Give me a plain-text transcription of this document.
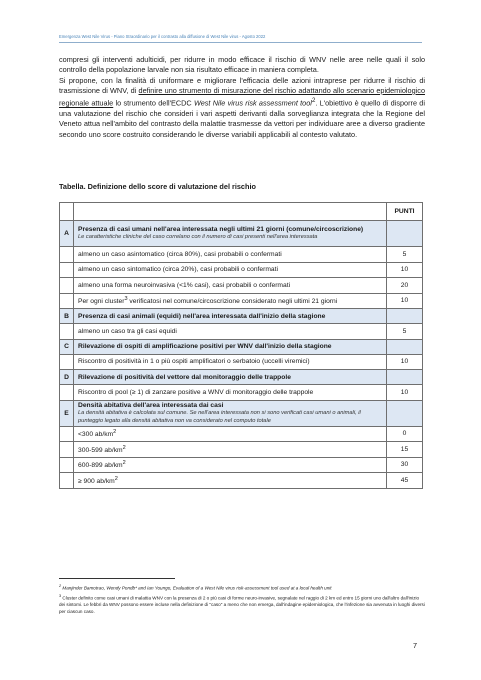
Emergenza West Nile Virus - Piano Straordinario per il contrasto alla diffusione di West Nile virus - Agosto 2022

compresi gli interventi adulticidi, per ridurre in modo efficace il rischio di WNV nelle aree nelle quali il solo controllo della popolazione larvale non sia risultato efficace in maniera completa.

Si propone, con la finalità di uniformare e migliorare l'efficacia delle azioni intraprese per ridurre il rischio di trasmissione di WNV, di definire uno strumento di misurazione del rischio adattando allo scenario epidemiologico regionale attuale lo strumento dell'ECDC West Nile virus risk assessment tool$^2$. L'obiettivo è quello di disporre di una valutazione del rischio che consideri i vari aspetti derivanti dalla sorveglianza integrata che la Regione del Veneto attua nell'ambito del contrasto della malattie trasmesse da vettori per individuare aree a diverso gradiente secondo uno score costruito considerando le diverse variabili applicabili al contesto valutato.

Tabella. Definizione dello score di valutazione del rischio
		PUNTI
A	Presenza di casi umani nell'area interessata negli ultimi 21 giorni (comune/circoscrizione)
Le caratteristiche cliniche del caso correlano con il numero di casi presenti nell'area interessata	

	almeno un caso asintomatico (circa 80%), casi probabili o confermati	5
	almeno un caso sintomatico (circa 20%), casi probabili o confermati	10
	almeno una forma neuroinvasiva (<1% casi), casi probabili o confermati	20
	Per ogni cluster$^3$ verificatosi nel comune/circoscrizione considerato negli ultimi 21 giorni	10
B	Presenza di casi animali (equidi) nell'area interessata dall'inizio della stagione	
	almeno un caso tra gli casi equidi	5
C	Rilevazione di ospiti di amplificazione positivi per WNV dall'inizio della stagione	
	Riscontro di positività in 1 o più ospiti amplificatori o serbatoio (uccelli viremici)	10
D	Rilevazione di positività del vettore dal monitoraggio delle trappole	
	Riscontro di pool (≥ 1) di zanzare positive a WNV di monitoraggio delle trappole	10
E	Densità abitativa dell'area interessata dai casi
La densità abitativa è calcolata sul comune. Se nell'area interessata non si sono verificati casi umani o animali, il punteggio legato alla densità abitativa non va considerato nel computo totale	

	<300 $ab/km^2$	0
	300-599 $ab/km^2$	15
	600-899 $ab/km^2$	30
	≥ 900 $ab/km^2$	45

$^2$ Manjinder Bamotrao, Wendy Pondb* and Ian Youngo, Evaluation of a West Nile virus risk-assessment tool used at a local health unit

$^3$ Cluster definito come casi umani di malattia WNV con la presenza di 2 o più casi di forme neuro-invasive, segnalate nel raggio di 2 km ed entro 15 giorni uno dall'altro dall'inizio dei sintomi. Le febbri da WNV possono essere incluse nella definizione di "caso" a meno che non emerga, dall'indagine epidemiologica, che l'infezione sia avvenuta in luoghi diversi per ciascun caso.

7
